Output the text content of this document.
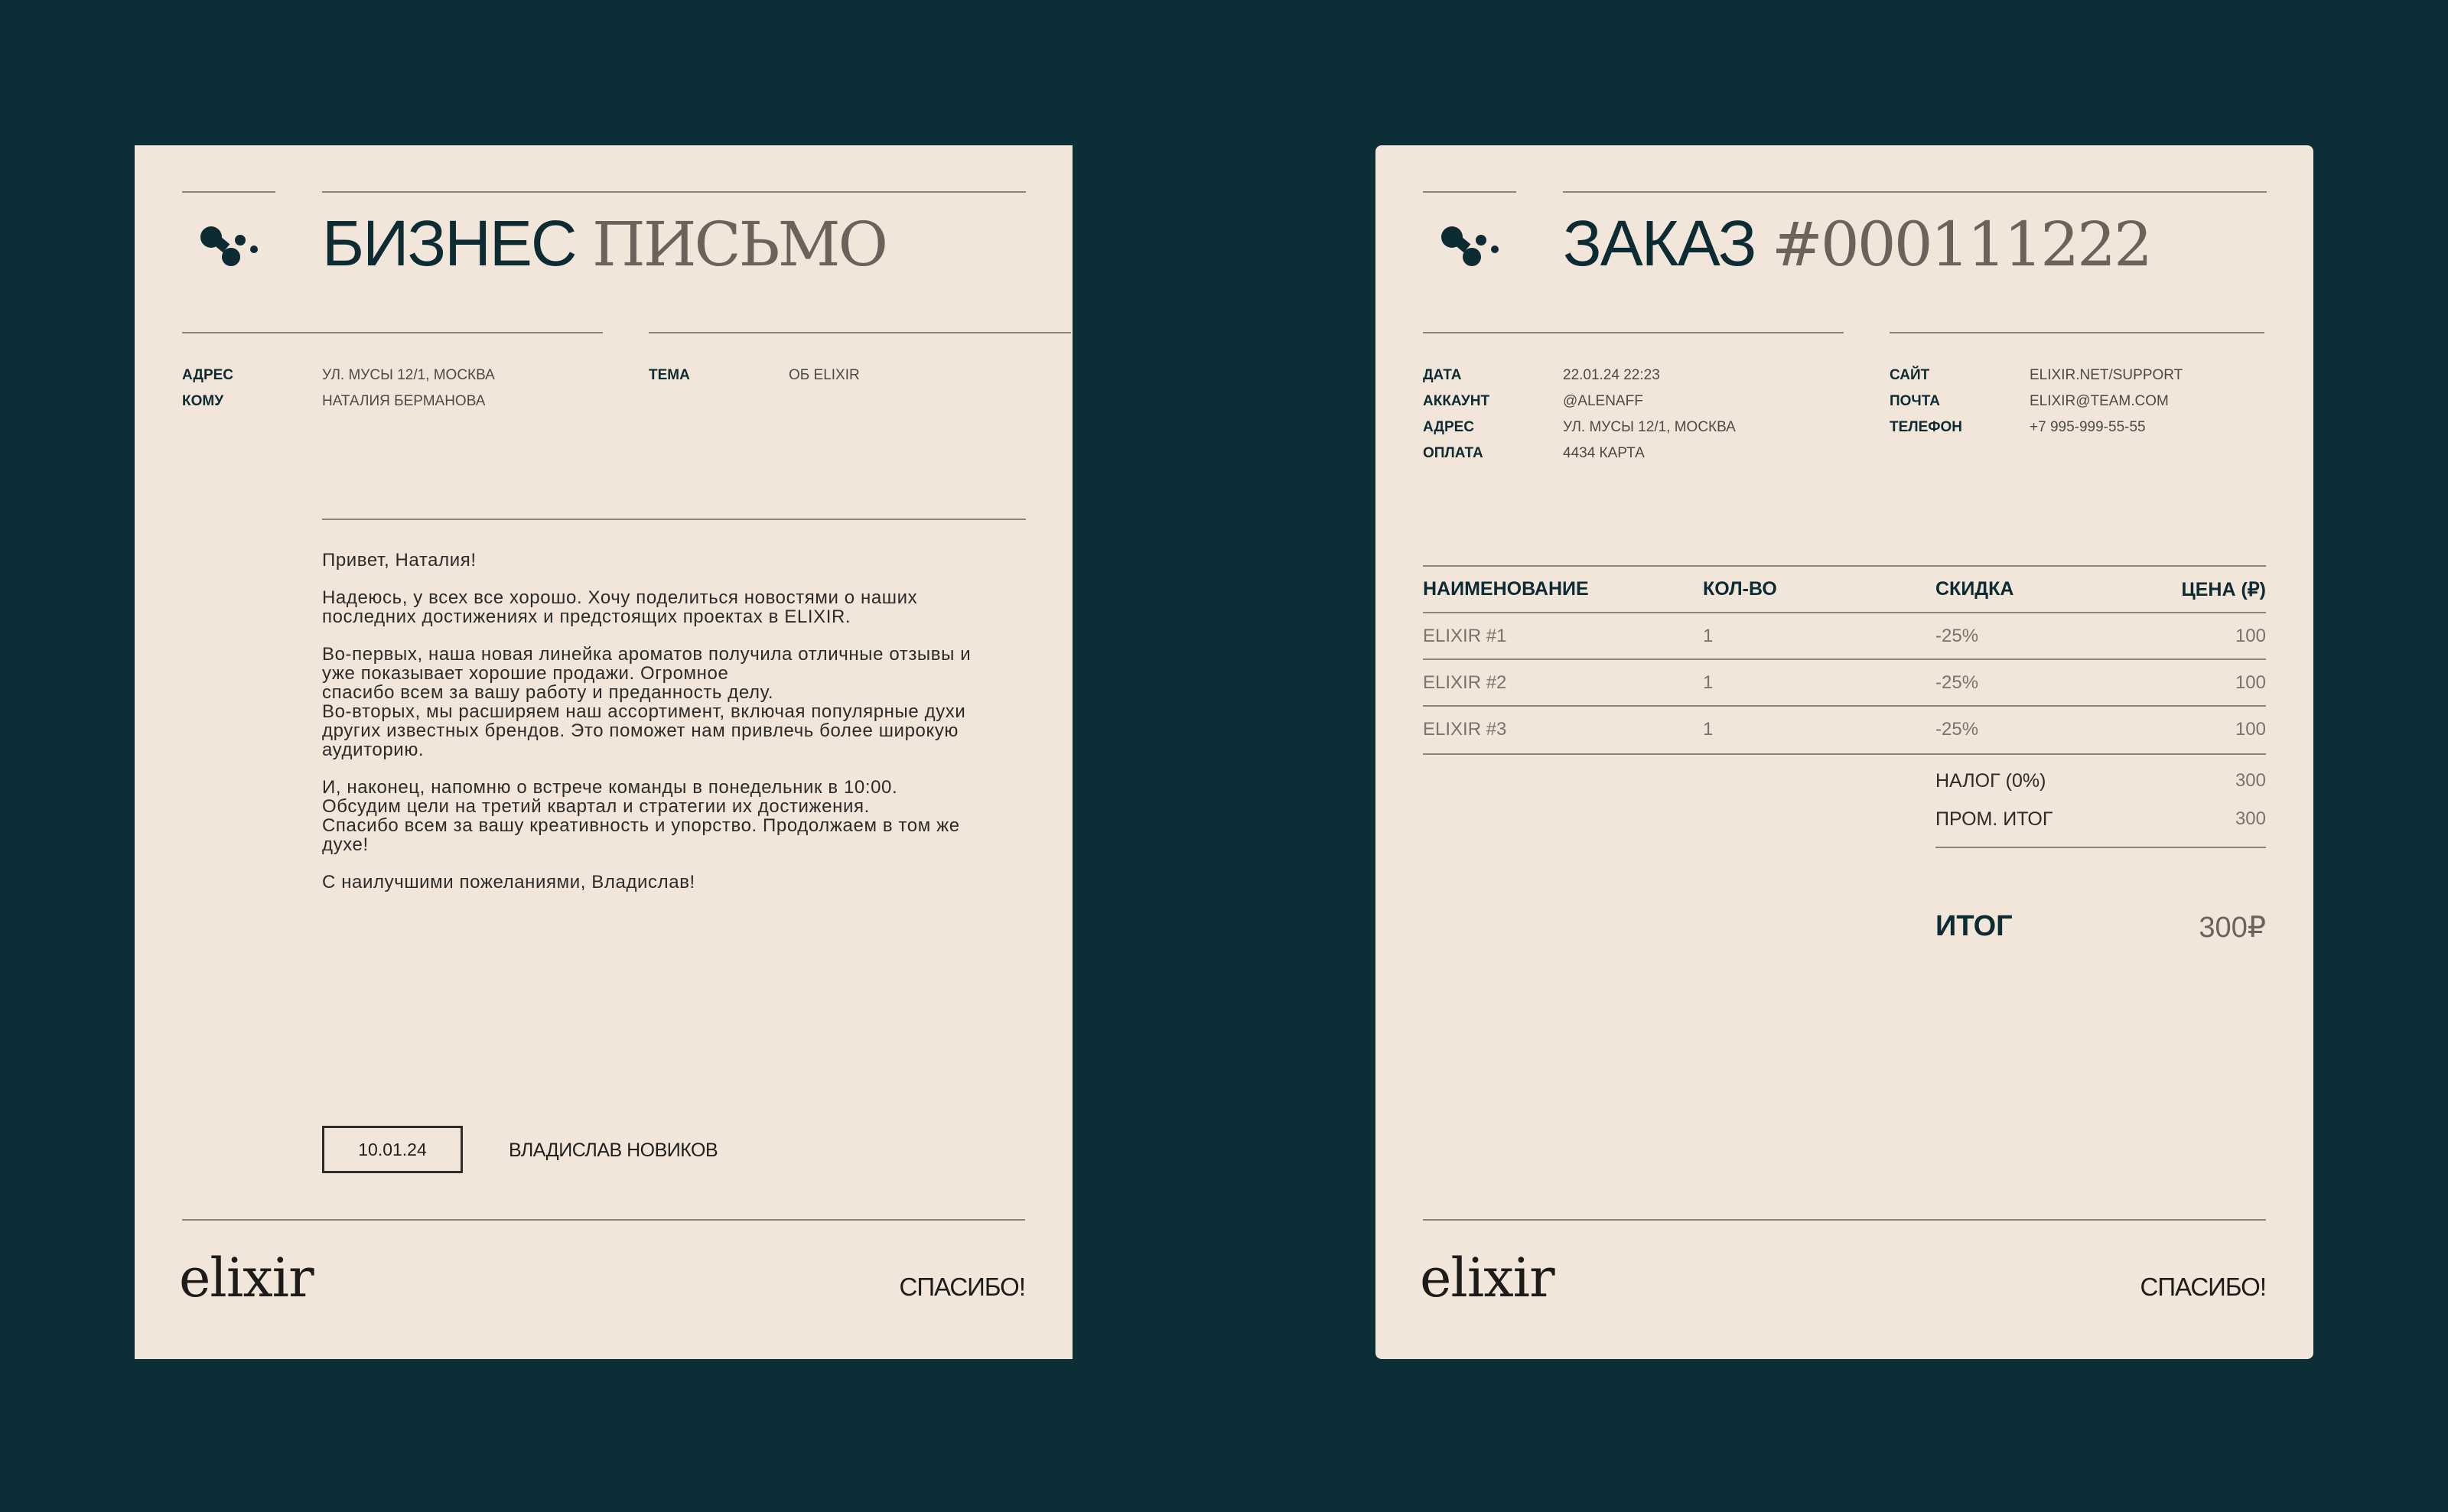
БИЗНЕС ПИСЬМО
АДРЕС	УЛ. МУСЫ 12/1, МОСКВА
КОМУ	НАТАЛИЯ БЕРМАНОВА
ТЕМА	ОБ ELIXIR

Привет, Наталия!

Надеюсь, у всех все хорошо. Хочу поделиться новостями о наших
последних достижениях и предстоящих проектах в ELIXIR.

Во-первых, наша новая линейка ароматов получила отличные отзывы и
уже показывает хорошие продажи. Огромное
спасибо всем за вашу работу и преданность делу.
Во-вторых, мы расширяем наш ассортимент, включая популярные духи
других известных брендов. Это поможет нам привлечь более широкую
аудиторию.

И, наконец, напомню о встрече команды в понедельник в 10:00.
Обсудим цели на третий квартал и стратегии их достижения.
Спасибо всем за вашу креативность и упорство. Продолжаем в том же
духе!

С наилучшими пожеланиями, Владислав!

10.01.24	ВЛАДИСЛАВ НОВИКОВ
elixir	СПАСИБО!
ЗАКАЗ #000111222
ДАТА	22.01.24 22:23
АККАУНТ	@ALENAFF
АДРЕС	УЛ. МУСЫ 12/1, МОСКВА
ОПЛАТА	4434 КАРТА
САЙТ	ELIXIR.NET/SUPPORT
ПОЧТА	ELIXIR@TEAM.COM
ТЕЛЕФОН	+7 995-999-55-55
НАИМЕНОВАНИЕ	КОЛ-ВО	СКИДКА	ЦЕНА (₽)
ELIXIR #1	1	-25%	100
ELIXIR #2	1	-25%	100
ELIXIR #3	1	-25%	100
НАЛОГ (0%)	300
ПРОМ. ИТОГ	300
ИТОГ	300₽
elixir	СПАСИБО!
